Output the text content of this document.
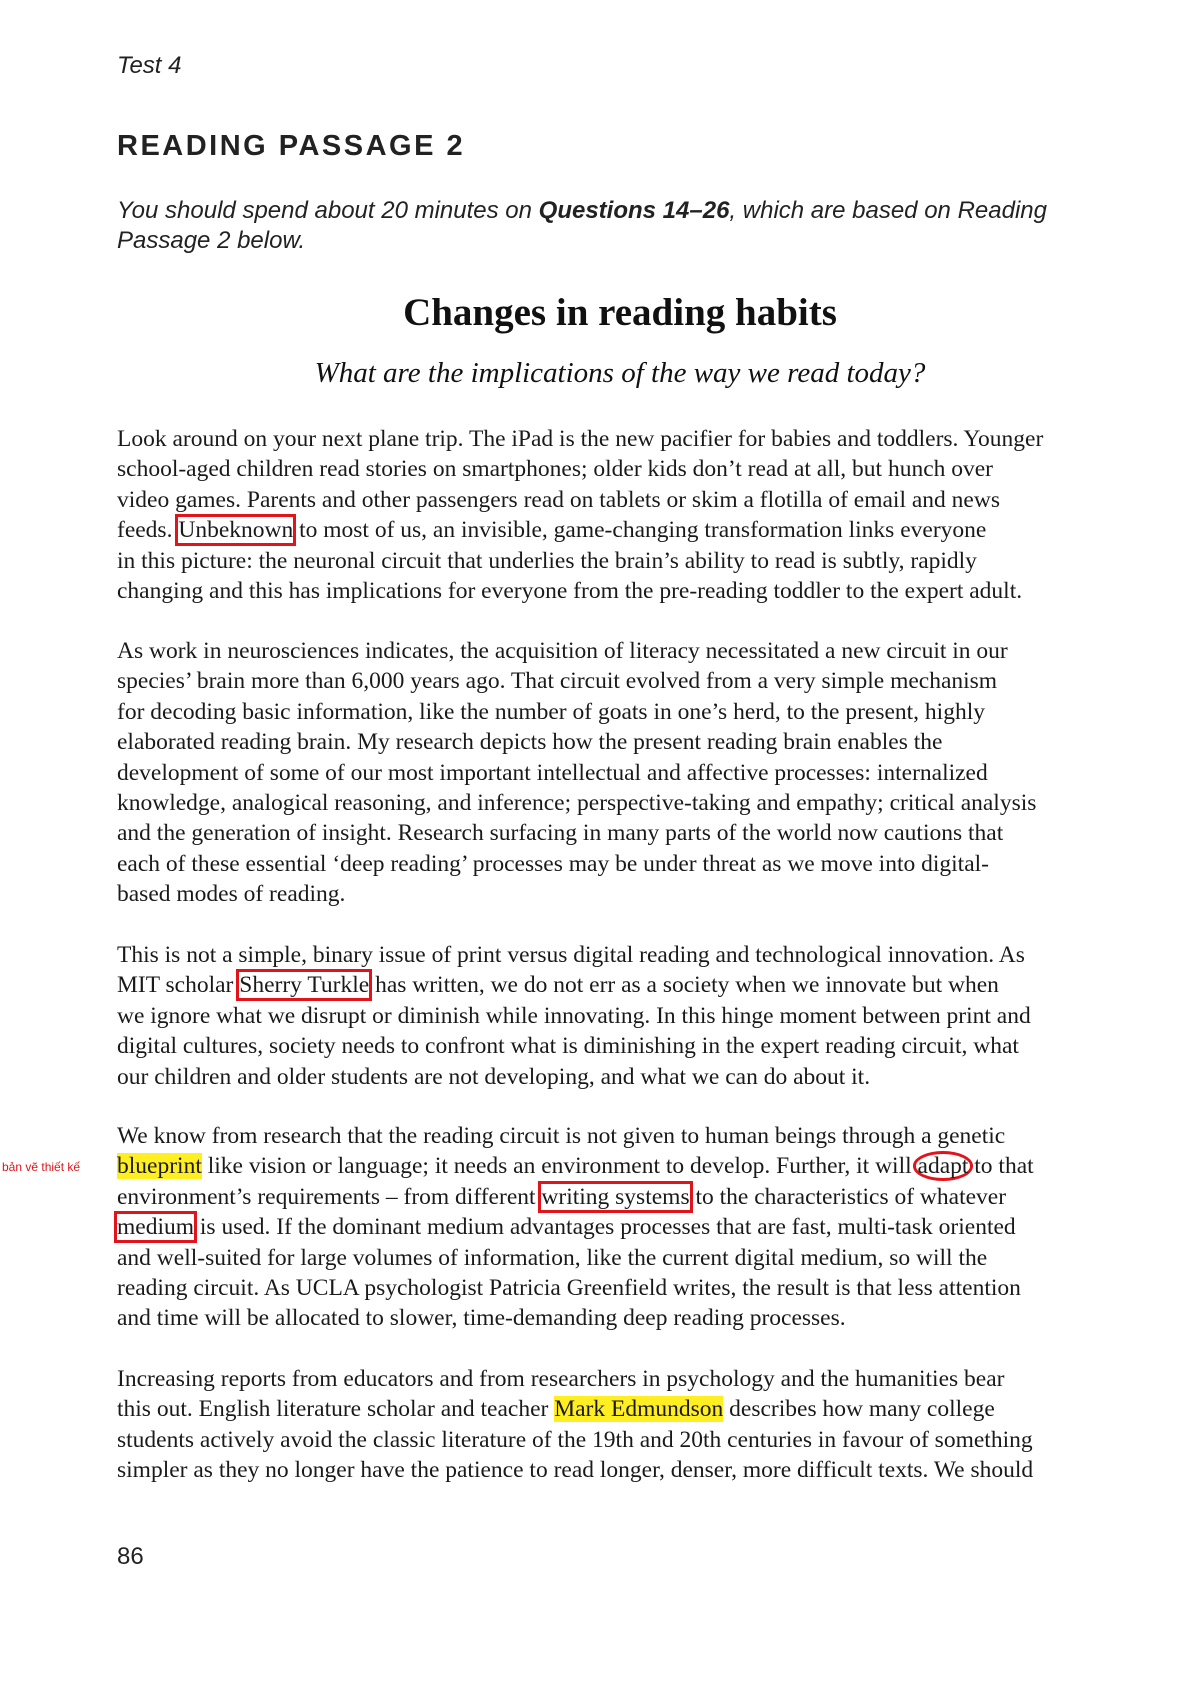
Test 4
READING PASSAGE 2
You should spend about 20 minutes on Questions 14–26, which are based on Reading Passage 2 below.
Changes in reading habits
What are the implications of the way we read today?
Look around on your next plane trip. The iPad is the new pacifier for babies and toddlers. Younger
school-aged children read stories on smartphones; older kids don’t read at all, but hunch over
video games. Parents and other passengers read on tablets or skim a flotilla of email and news
feeds. Unbeknown to most of us, an invisible, game-changing transformation links everyone
in this picture: the neuronal circuit that underlies the brain’s ability to read is subtly, rapidly
changing and this has implications for everyone from the pre-reading toddler to the expert adult.
As work in neurosciences indicates, the acquisition of literacy necessitated a new circuit in our
species’ brain more than 6,000 years ago. That circuit evolved from a very simple mechanism
for decoding basic information, like the number of goats in one’s herd, to the present, highly
elaborated reading brain. My research depicts how the present reading brain enables the
development of some of our most important intellectual and affective processes: internalized
knowledge, analogical reasoning, and inference; perspective-taking and empathy; critical analysis
and the generation of insight. Research surfacing in many parts of the world now cautions that
each of these essential ‘deep reading’ processes may be under threat as we move into digital-
based modes of reading.
This is not a simple, binary issue of print versus digital reading and technological innovation. As
MIT scholar Sherry Turkle has written, we do not err as a society when we innovate but when
we ignore what we disrupt or diminish while innovating. In this hinge moment between print and
digital cultures, society needs to confront what is diminishing in the expert reading circuit, what
our children and older students are not developing, and what we can do about it.
bản vẽ thiết kế
We know from research that the reading circuit is not given to human beings through a genetic
blueprint like vision or language; it needs an environment to develop. Further, it will adapt to that
environment’s requirements – from different writing systems to the characteristics of whatever
medium is used. If the dominant medium advantages processes that are fast, multi-task oriented
and well-suited for large volumes of information, like the current digital medium, so will the
reading circuit. As UCLA psychologist Patricia Greenfield writes, the result is that less attention
and time will be allocated to slower, time-demanding deep reading processes.
Increasing reports from educators and from researchers in psychology and the humanities bear
this out. English literature scholar and teacher Mark Edmundson describes how many college
students actively avoid the classic literature of the 19th and 20th centuries in favour of something
simpler as they no longer have the patience to read longer, denser, more difficult texts. We should
86
